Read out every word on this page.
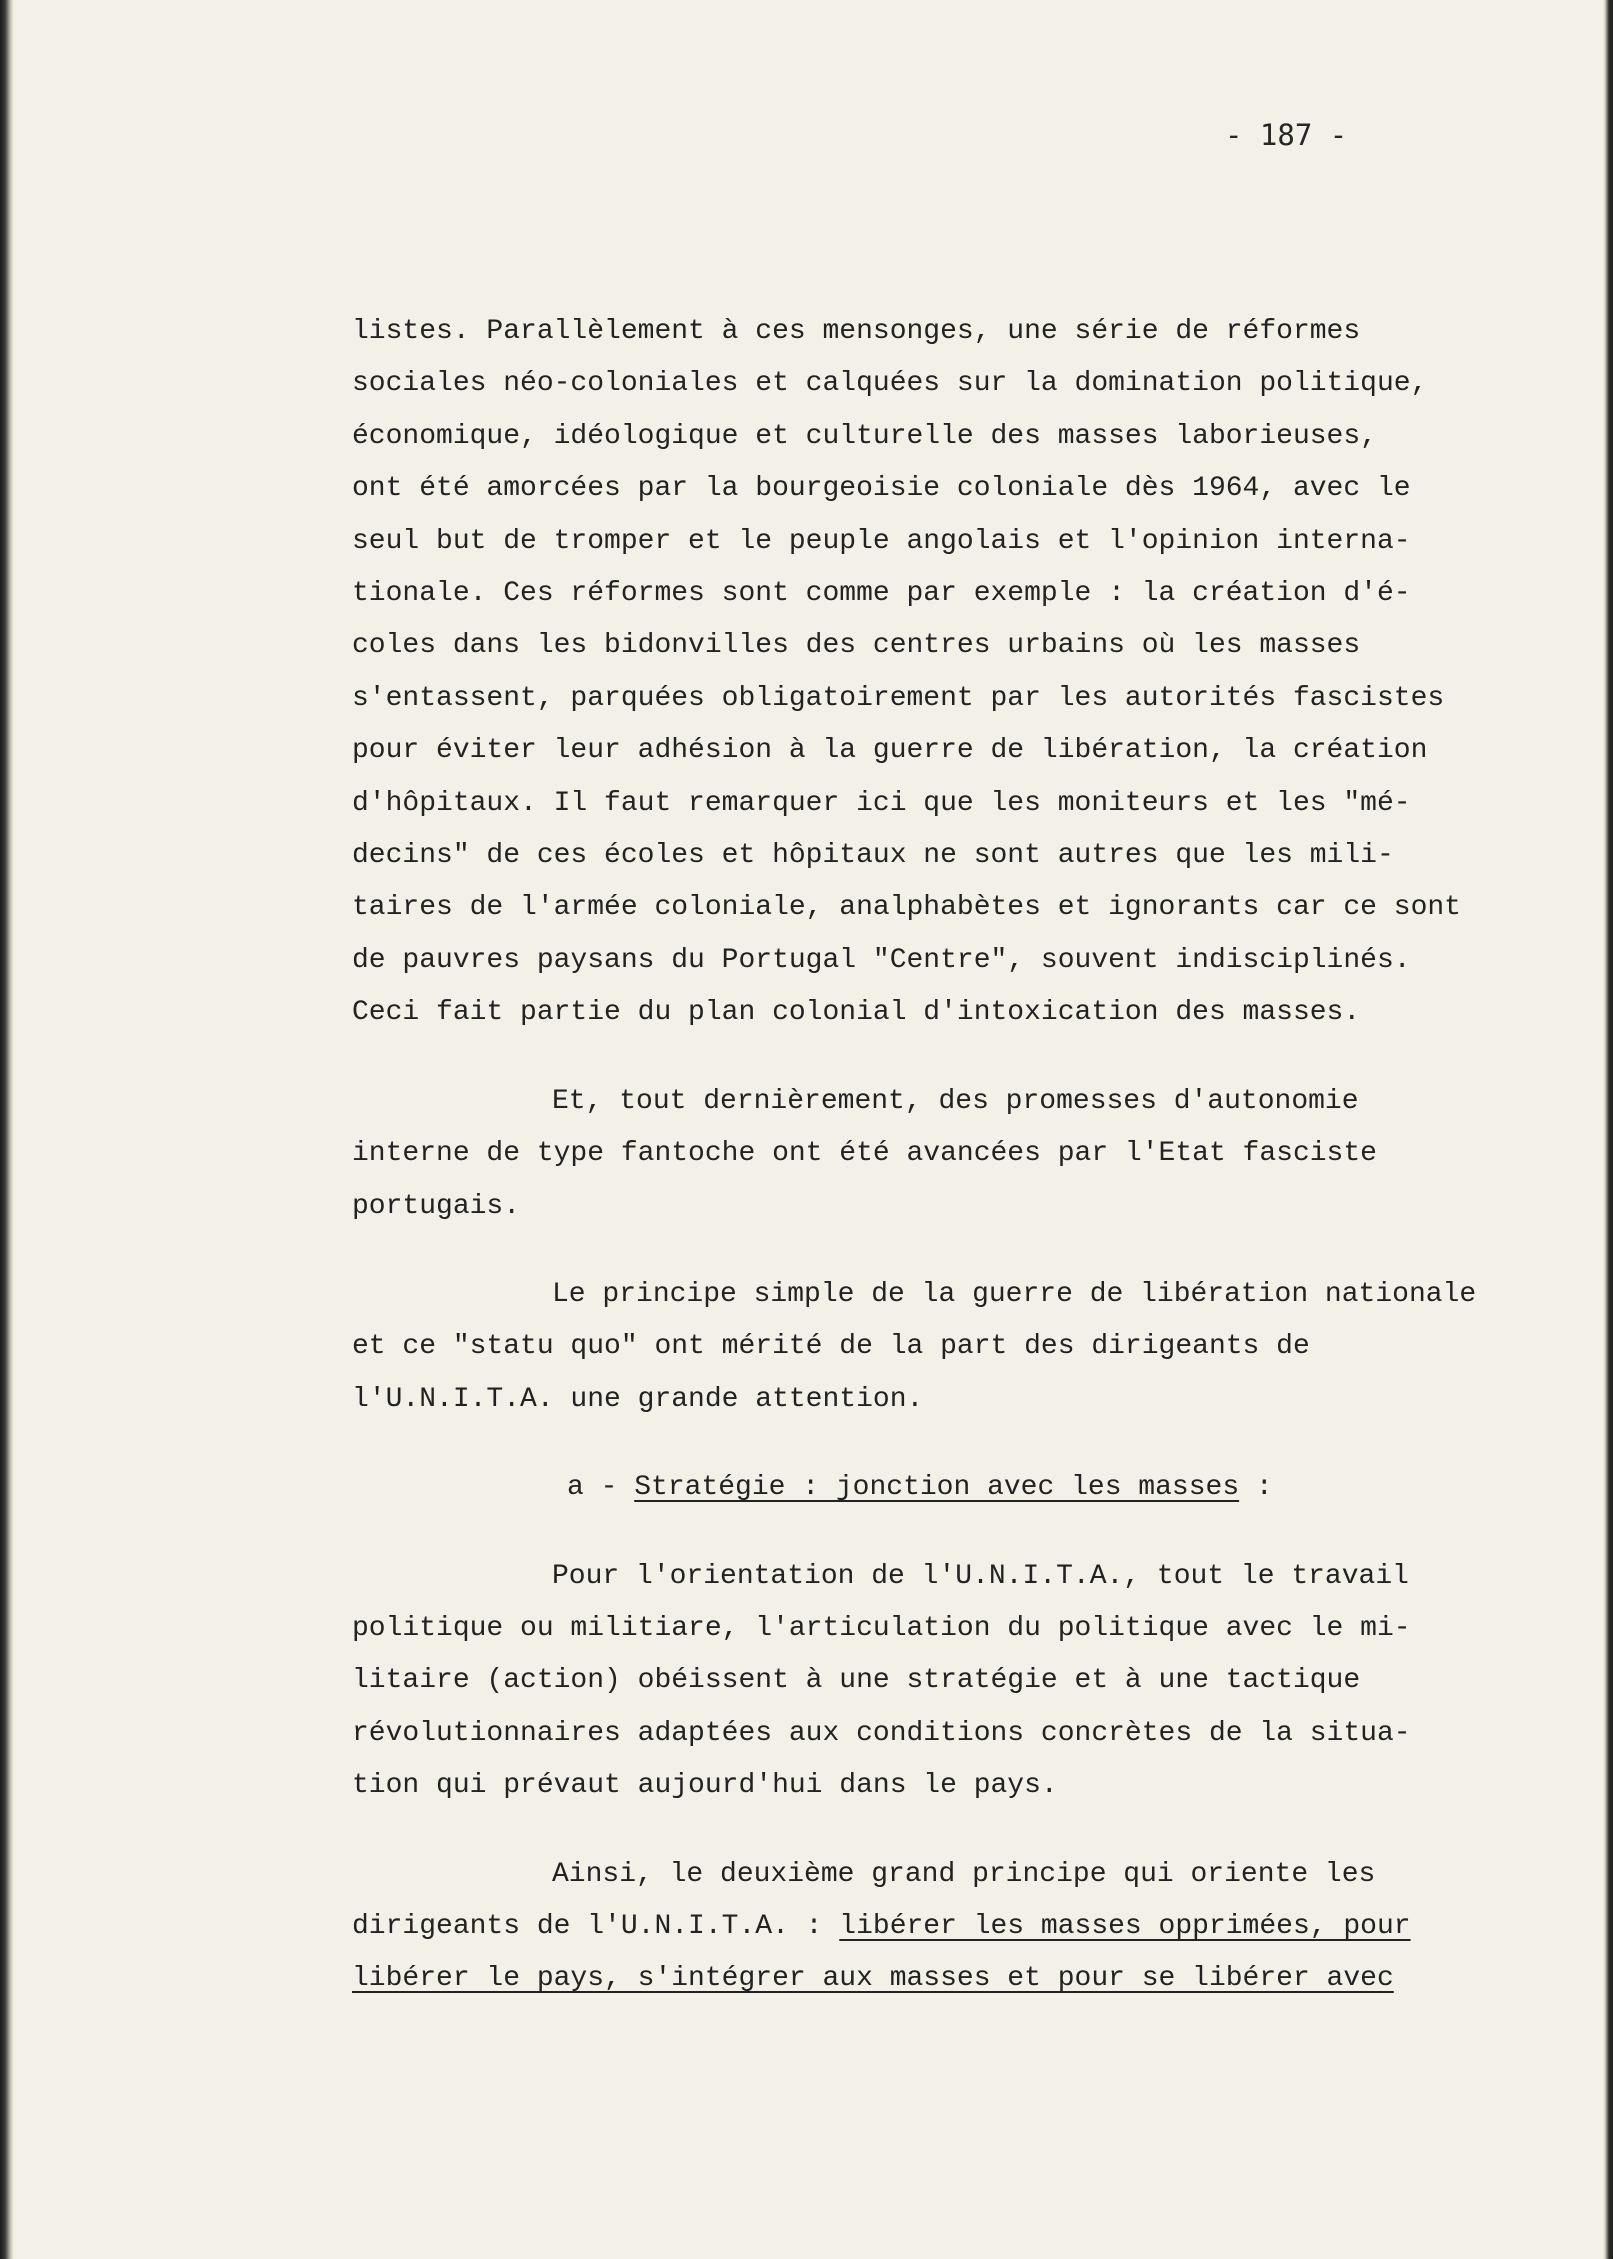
- 187 -

listes. Parallèlement à ces mensonges, une série de réformes

sociales néo-coloniales et calquées sur la domination politique,

économique, idéologique et culturelle des masses laborieuses,

ont été amorcées par la bourgeoisie coloniale dès 1964, avec le

seul but de tromper et le peuple angolais et l'opinion interna-

tionale. Ces réformes sont comme par exemple : la création d'é-

coles dans les bidonvilles des centres urbains où les masses

s'entassent, parquées obligatoirement par les autorités fascistes

pour éviter leur adhésion à la guerre de libération, la création

d'hôpitaux. Il faut remarquer ici que les moniteurs et les "mé-

decins" de ces écoles et hôpitaux ne sont autres que les mili-

taires de l'armée coloniale, analphabètes et ignorants car ce sont

de pauvres paysans du Portugal "Centre", souvent indisciplinés.

Ceci fait partie du plan colonial d'intoxication des masses.

Et, tout dernièrement, des promesses d'autonomie

interne de type fantoche ont été avancées par l'Etat fasciste

portugais.

Le principe simple de la guerre de libération nationale

et ce "statu quo" ont mérité de la part des dirigeants de

l'U.N.I.T.A. une grande attention.

a - Stratégie : jonction avec les masses :

Pour l'orientation de l'U.N.I.T.A., tout le travail

politique ou militiare, l'articulation du politique avec le mi-

litaire (action) obéissent à une stratégie et à une tactique

révolutionnaires adaptées aux conditions concrètes de la situa-

tion qui prévaut aujourd'hui dans le pays.

Ainsi, le deuxième grand principe qui oriente les

dirigeants de l'U.N.I.T.A. : libérer les masses opprimées, pour

libérer le pays, s'intégrer aux masses et pour se libérer avec
